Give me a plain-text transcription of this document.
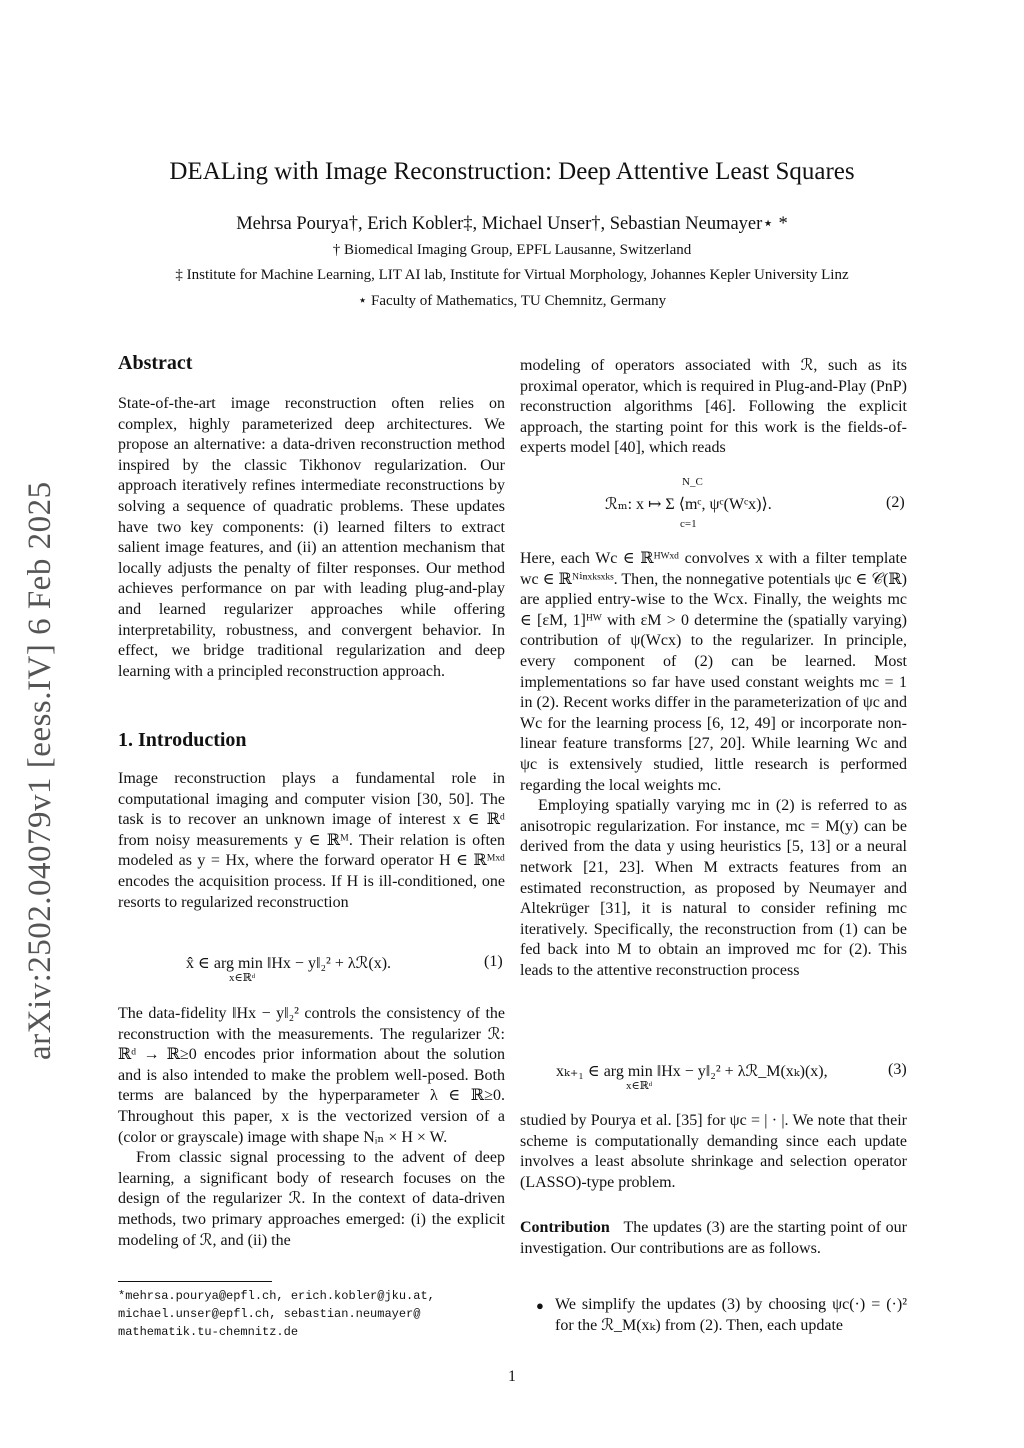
arXiv:2502.04079v1 [eess.IV] 6 Feb 2025
DEALing with Image Reconstruction: Deep Attentive Least Squares
Mehrsa Pourya†, Erich Kobler‡, Michael Unser†, Sebastian Neumayer⋆ *
† Biomedical Imaging Group, EPFL Lausanne, Switzerland
‡ Institute for Machine Learning, LIT AI lab, Institute for Virtual Morphology, Johannes Kepler University Linz
⋆ Faculty of Mathematics, TU Chemnitz, Germany
Abstract

State-of-the-art image reconstruction often relies on complex, highly parameterized deep architectures. We propose an alternative: a data-driven reconstruction method inspired by the classic Tikhonov regularization. Our approach iteratively refines intermediate reconstructions by solving a sequence of quadratic problems. These updates have two key components: (i) learned filters to extract salient image features, and (ii) an attention mechanism that locally adjusts the penalty of filter responses. Our method achieves performance on par with leading plug-and-play and learned regularizer approaches while offering interpretability, robustness, and convergent behavior. In effect, we bridge traditional regularization and deep learning with a principled reconstruction approach.

1. Introduction

Image reconstruction plays a fundamental role in computational imaging and computer vision [30, 50]. The task is to recover an unknown image of interest x ∈ ℝᵈ from noisy measurements y ∈ ℝᴹ. Their relation is often modeled as y = Hx, where the forward operator H ∈ ℝᴹˣᵈ encodes the acquisition process. If H is ill-conditioned, one resorts to regularized reconstruction

x̂ ∈ arg min ‖Hx − y‖₂² + λℛ(x).
x∈ℝᵈ
(1)

The data-fidelity ‖Hx − y‖₂² controls the consistency of the reconstruction with the measurements. The regularizer ℛ: ℝᵈ → ℝ≥0 encodes prior information about the solution and is also intended to make the problem well-posed. Both terms are balanced by the hyperparameter λ ∈ ℝ≥0. Throughout this paper, x is the vectorized version of a (color or grayscale) image with shape Nᵢₙ × H × W.

From classic signal processing to the advent of deep learning, a significant body of research focuses on the design of the regularizer ℛ. In the context of data-driven methods, two primary approaches emerged: (i) the explicit modeling of ℛ, and (ii) the

*mehrsa.pourya@epfl.ch, erich.kobler@jku.at,
michael.unser@epfl.ch, sebastian.neumayer@
mathematik.tu-chemnitz.de

modeling of operators associated with ℛ, such as its proximal operator, which is required in Plug-and-Play (PnP) reconstruction algorithms [46]. Following the explicit approach, the starting point for this work is the fields-of-experts model [40], which reads

ℛₘ: x ↦ Σ ⟨mᶜ, ψᶜ(Wᶜx)⟩.
N_C
c=1
(2)

Here, each Wc ∈ ℝᴴᵂˣᵈ convolves x with a filter template wc ∈ ℝᴺⁱⁿˣᵏˢˣᵏˢ. Then, the nonnegative potentials ψc ∈ 𝒞(ℝ) are applied entry-wise to the Wcx. Finally, the weights mc ∈ [εM, 1]ᴴᵂ with εM > 0 determine the (spatially varying) contribution of ψ(Wcx) to the regularizer. In principle, every component of (2) can be learned. Most implementations so far have used constant weights mc = 1 in (2). Recent works differ in the parameterization of ψc and Wc for the learning process [6, 12, 49] or incorporate non-linear feature transforms [27, 20]. While learning Wc and ψc is extensively studied, little research is performed regarding the local weights mc.

Employing spatially varying mc in (2) is referred to as anisotropic regularization. For instance, mc = M(y) can be derived from the data y using heuristics [5, 13] or a neural network [21, 23]. When M extracts features from an estimated reconstruction, as proposed by Neumayer and Altekrüger [31], it is natural to consider refining mc iteratively. Specifically, the reconstruction from (1) can be fed back into M to obtain an improved mc for (2). This leads to the attentive reconstruction process

xₖ₊₁ ∈ arg min ‖Hx − y‖₂² + λℛ_M(xₖ)(x),
x∈ℝᵈ
(3)

studied by Pourya et al. [35] for ψc = | · |. We note that their scheme is computationally demanding since each update involves a least absolute shrinkage and selection operator (LASSO)-type problem.

Contribution The updates (3) are the starting point of our investigation. Our contributions are as follows.

● We simplify the updates (3) by choosing ψc(·) = (·)² for the ℛ_M(xₖ) from (2). Then, each update

1
